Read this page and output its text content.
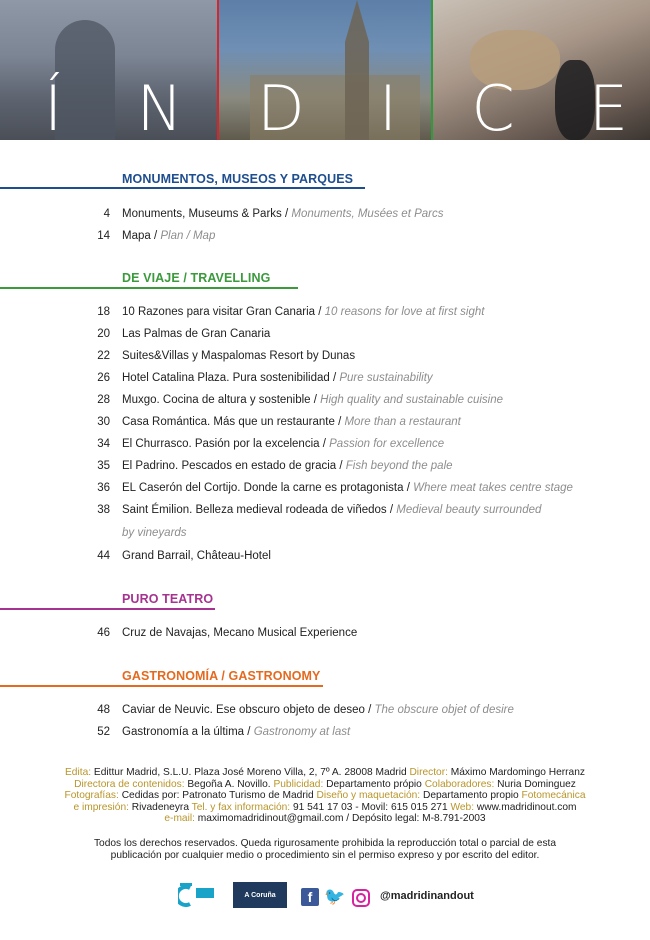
Í N D I C E
MONUMENTOS, MUSEOS Y PARQUES
4 Monuments, Museums & Parks / Monuments, Musées et Parcs
14 Mapa / Plan / Map
DE VIAJE / TRAVELLING
18 10 Razones para visitar Gran Canaria / 10 reasons for love at first sight
20 Las Palmas de Gran Canaria
22 Suites&Villas y Maspalomas Resort by Dunas
26 Hotel Catalina Plaza. Pura sostenibilidad / Pure sustainability
28 Muxgo. Cocina de altura y sostenible / High quality and sustainable cuisine
30 Casa Romántica. Más que un restaurante / More than a restaurant
34 El Churrasco. Pasión por la excelencia / Passion for excellence
35 El Padrino. Pescados en estado de gracia / Fish beyond the pale
36 EL Caserón del Cortijo. Donde la carne es protagonista / Where meat takes centre stage
38 Saint Émilion. Belleza medieval rodeada de viñedos / Medieval beauty surrounded
by vineyards
44 Grand Barrail, Château-Hotel
PURO TEATRO
46 Cruz de Navajas, Mecano Musical Experience
GASTRONOMÍA / GASTRONOMY
48 Caviar de Neuvic. Ese obscuro objeto de deseo / The obscure objet of desire
52 Gastronomía a la última / Gastronomy at last
Edita: Edittur Madrid, S.L.U. Plaza José Moreno Villa, 2, 7º A. 28008 Madrid Director: Máximo Mardomingo Herranz
Directora de contenidos: Begoña A. Novillo. Publicidad: Departamento própio Colaboradores: Nuria Dominguez
Fotografías: Cedidas por: Patronato Turismo de Madrid Diseño y maquetación: Departamento propio Fotomecánica
e impresión: Rivadeneyra Tel. y fax información: 91 541 17 03 - Movil: 615 015 271 Web: www.madridinout.com
e-mail: maximomadridinout@gmail.com / Depósito legal: M-8.791-2003
Todos los derechos reservados. Queda rigurosamente prohibida la reproducción total o parcial de esta
publicación por cualquier medio o procedimiento sin el permiso expreso y por escrito del editor.
A Coruña	f 🐦	@madridinandout
